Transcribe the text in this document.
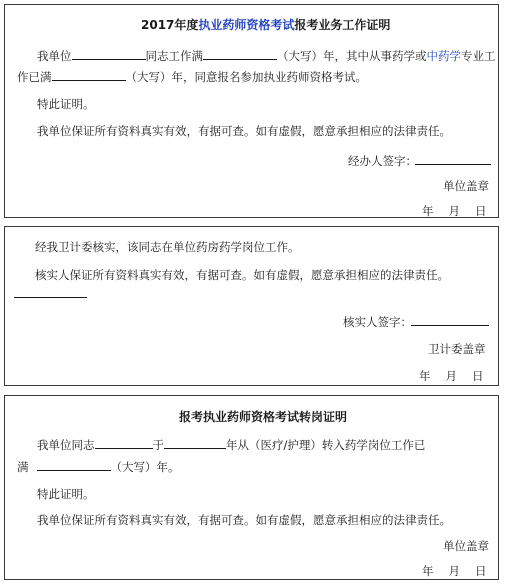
2017年度执业药师资格考试报考业务工作证明
我单位	同志工作满	（大写）年，其中从事药学或中药学专业工
作已满	（大写）年，同意报名参加执业药师资格考试。
特此证明。
我单位保证所有资料真实有效，有据可查。如有虚假，愿意承担相应的法律责任。
经办人签字：
单位盖章
年 月 日
经我卫计委核实，该同志在单位药房药学岗位工作。
核实人保证所有资料真实有效，有据可查。如有虚假，愿意承担相应的法律责任。
核实人签字：
卫计委盖章
年 月 日
报考执业药师资格考试转岗证明
我单位同志	于	年从（医疗/护理）转入药学岗位工作已
满	（大写）年。
特此证明。
我单位保证所有资料真实有效，有据可查。如有虚假，愿意承担相应的法律责任。
单位盖章
年 月 日
